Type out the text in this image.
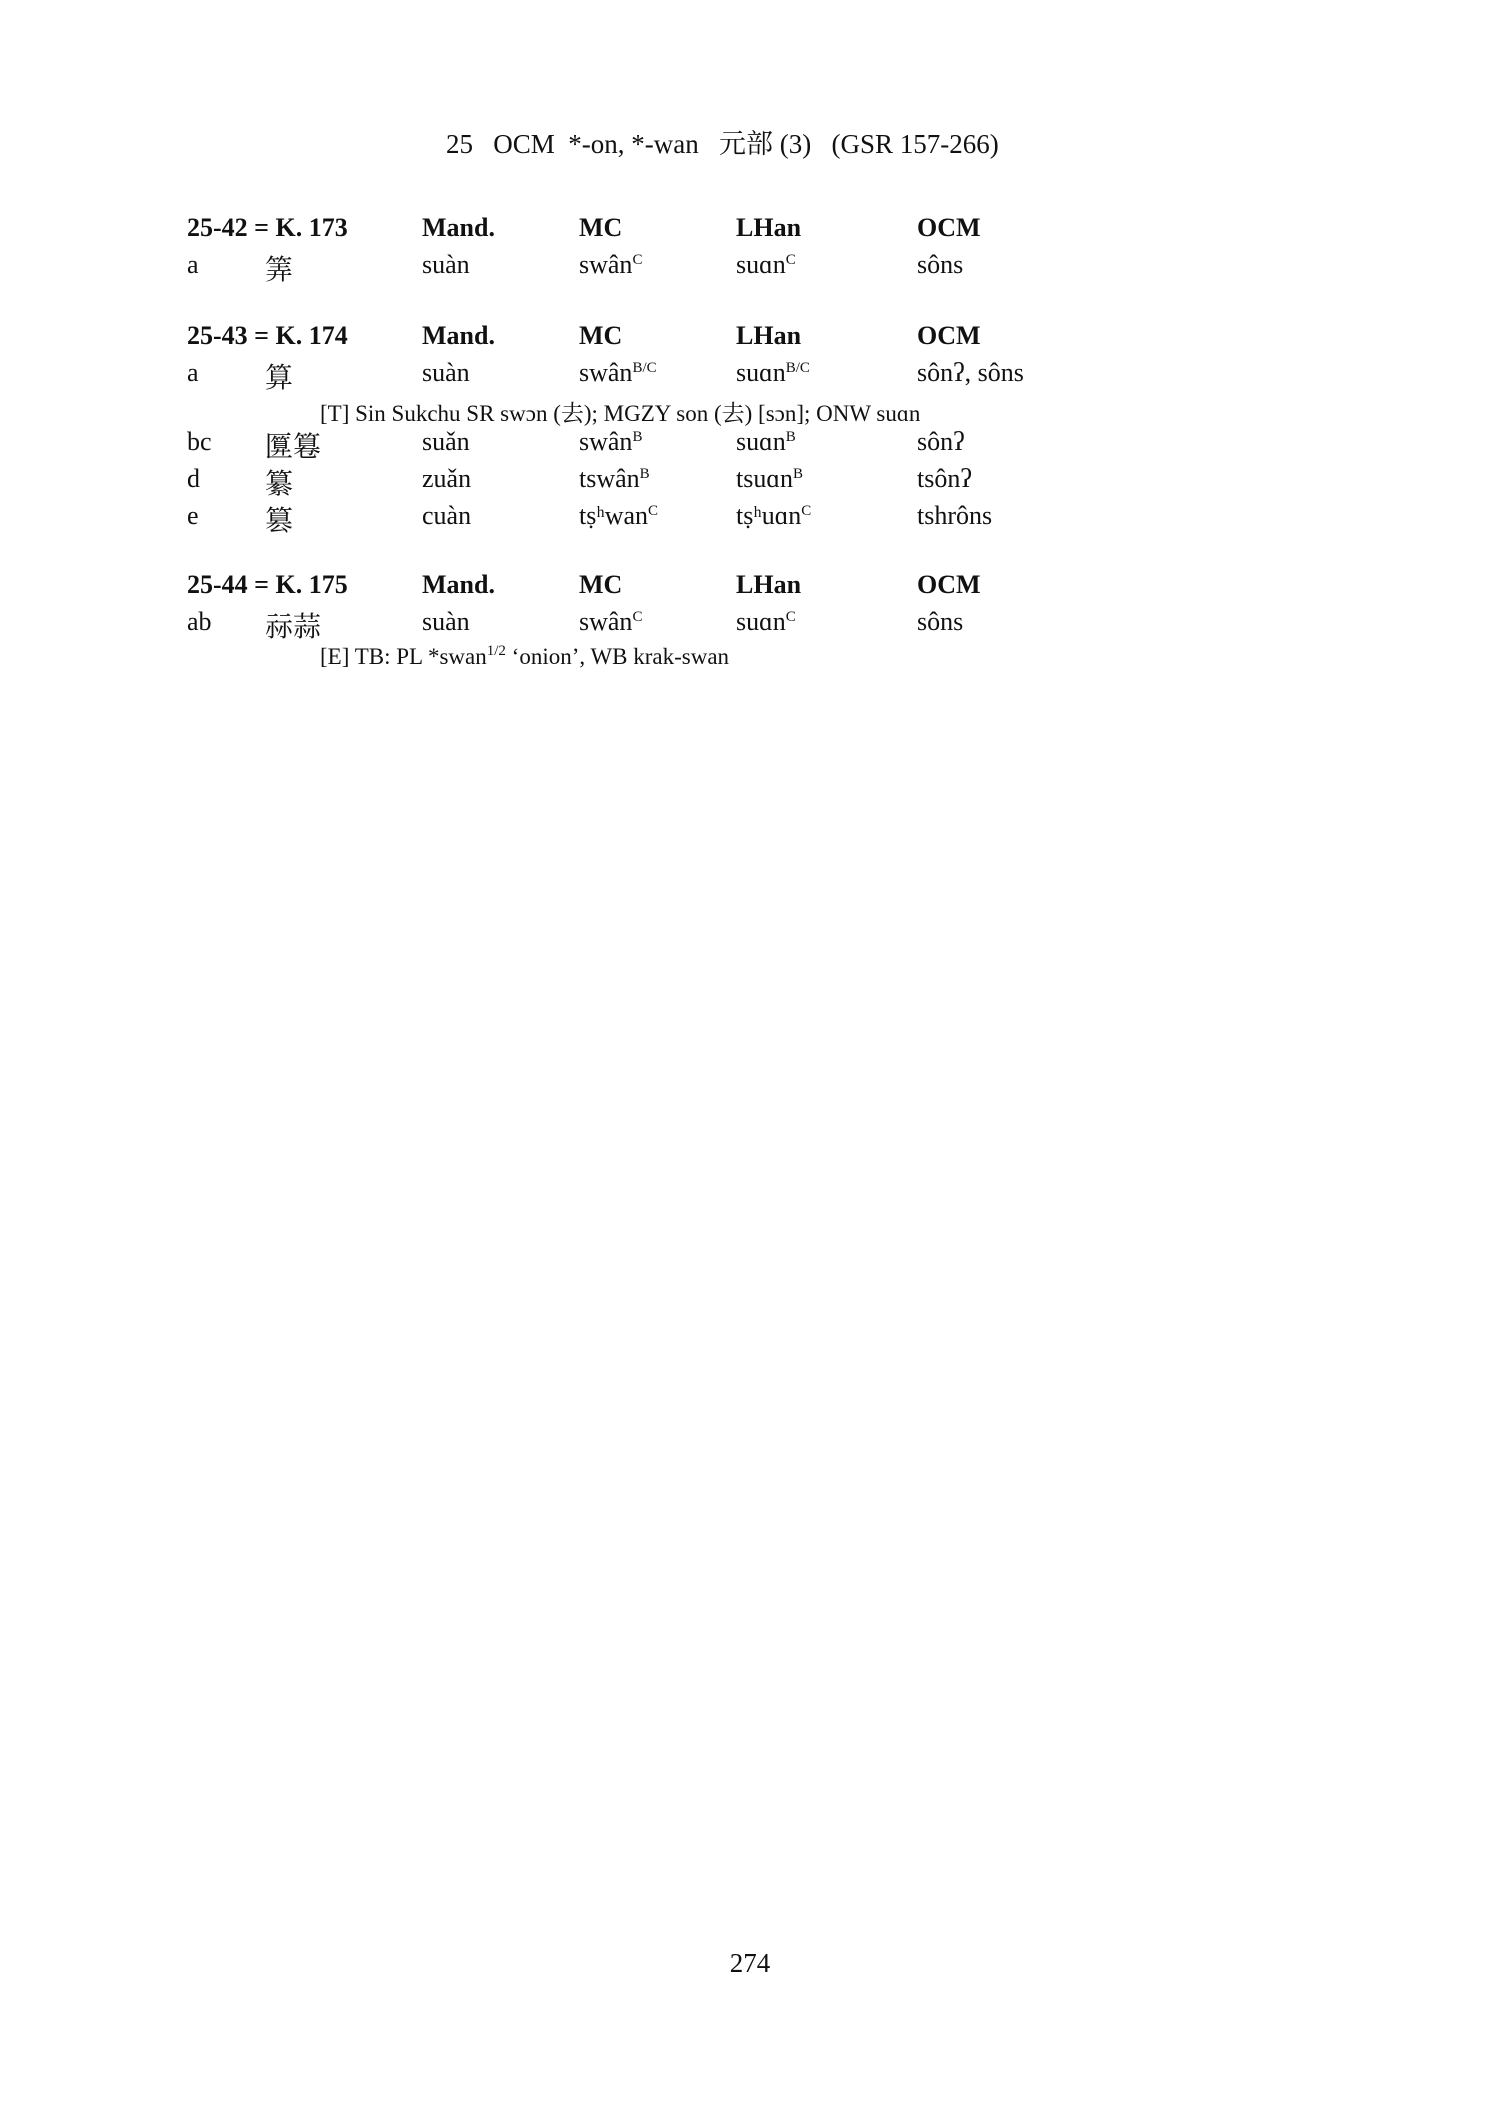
25   OCM  *-on, *-wan   元部 (3)   (GSR 157-266)
25-42 = K. 173	Mand.	MC	LHan	OCM
a 筭	suàn	swân$^C$	suɑn$^C$	sôns
25-43 = K. 174	Mand.	MC	LHan	OCM
a 算	suàn	swân$^{B/C}$	suɑn$^{B/C}$	sônʔ, sôns
[T] Sin Sukchu SR swɔn (去); MGZY son (去) [sɔn]; ONW suɑn
bc 匴篹	suǎn	swân$^B$	suɑn$^B$	sônʔ
d 纂	zuǎn	tswân$^B$	tsuɑn$^B$	tsônʔ
e 篡	cuàn	tṣʰwan$^C$	tṣʰuɑn$^C$	tshrôns
25-44 = K. 175	Mand.	MC	LHan	OCM
ab 祘蒜	suàn	swân$^C$	suɑn$^C$	sôns
[E] TB: PL *swan$^{1/2}$ ‘onion’, WB krak-swan
274
